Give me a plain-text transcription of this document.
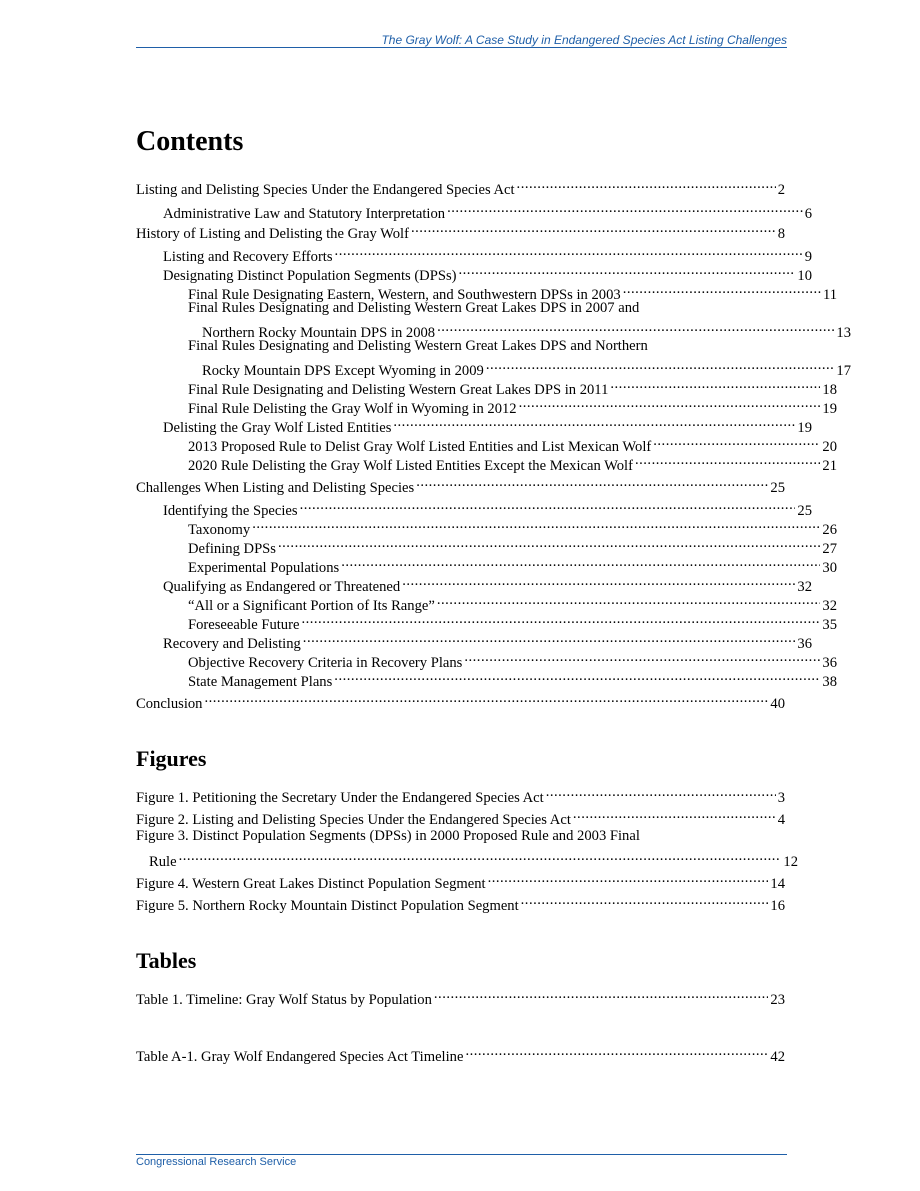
The Gray Wolf: A Case Study in Endangered Species Act Listing Challenges
Contents
Listing and Delisting Species Under the Endangered Species Act .....	2
Administrative Law and Statutory Interpretation .....	6
History of Listing and Delisting the Gray Wolf .....	8
Listing and Recovery Efforts .....	9
Designating Distinct Population Segments (DPSs) .....	10
Final Rule Designating Eastern, Western, and Southwestern DPSs in 2003 .....	11
Final Rules Designating and Delisting Western Great Lakes DPS in 2007 and
Northern Rocky Mountain DPS in 2008 .....	13
Final Rules Designating and Delisting Western Great Lakes DPS and Northern
Rocky Mountain DPS Except Wyoming in 2009 .....	17
Final Rule Designating and Delisting Western Great Lakes DPS in 2011 .....	18
Final Rule Delisting the Gray Wolf in Wyoming in 2012 .....	19
Delisting the Gray Wolf Listed Entities .....	19
2013 Proposed Rule to Delist Gray Wolf Listed Entities and List Mexican Wolf .....	20
2020 Rule Delisting the Gray Wolf Listed Entities Except the Mexican Wolf .....	21
Challenges When Listing and Delisting Species .....	25
Identifying the Species .....	25
Taxonomy .....	26
Defining DPSs .....	27
Experimental Populations .....	30
Qualifying as Endangered or Threatened .....	32
“All or a Significant Portion of Its Range” .....	32
Foreseeable Future .....	35
Recovery and Delisting .....	36
Objective Recovery Criteria in Recovery Plans .....	36
State Management Plans .....	38
Conclusion .....	40
Figures
Figure 1. Petitioning the Secretary Under the Endangered Species Act .....	3
Figure 2. Listing and Delisting Species Under the Endangered Species Act .....	4
Figure 3. Distinct Population Segments (DPSs) in 2000 Proposed Rule and 2003 Final
Rule .....	12
Figure 4. Western Great Lakes Distinct Population Segment .....	14
Figure 5. Northern Rocky Mountain Distinct Population Segment .....	16
Tables
Table 1. Timeline: Gray Wolf Status by Population .....	23
Table A-1. Gray Wolf Endangered Species Act Timeline .....	42
Congressional Research Service
